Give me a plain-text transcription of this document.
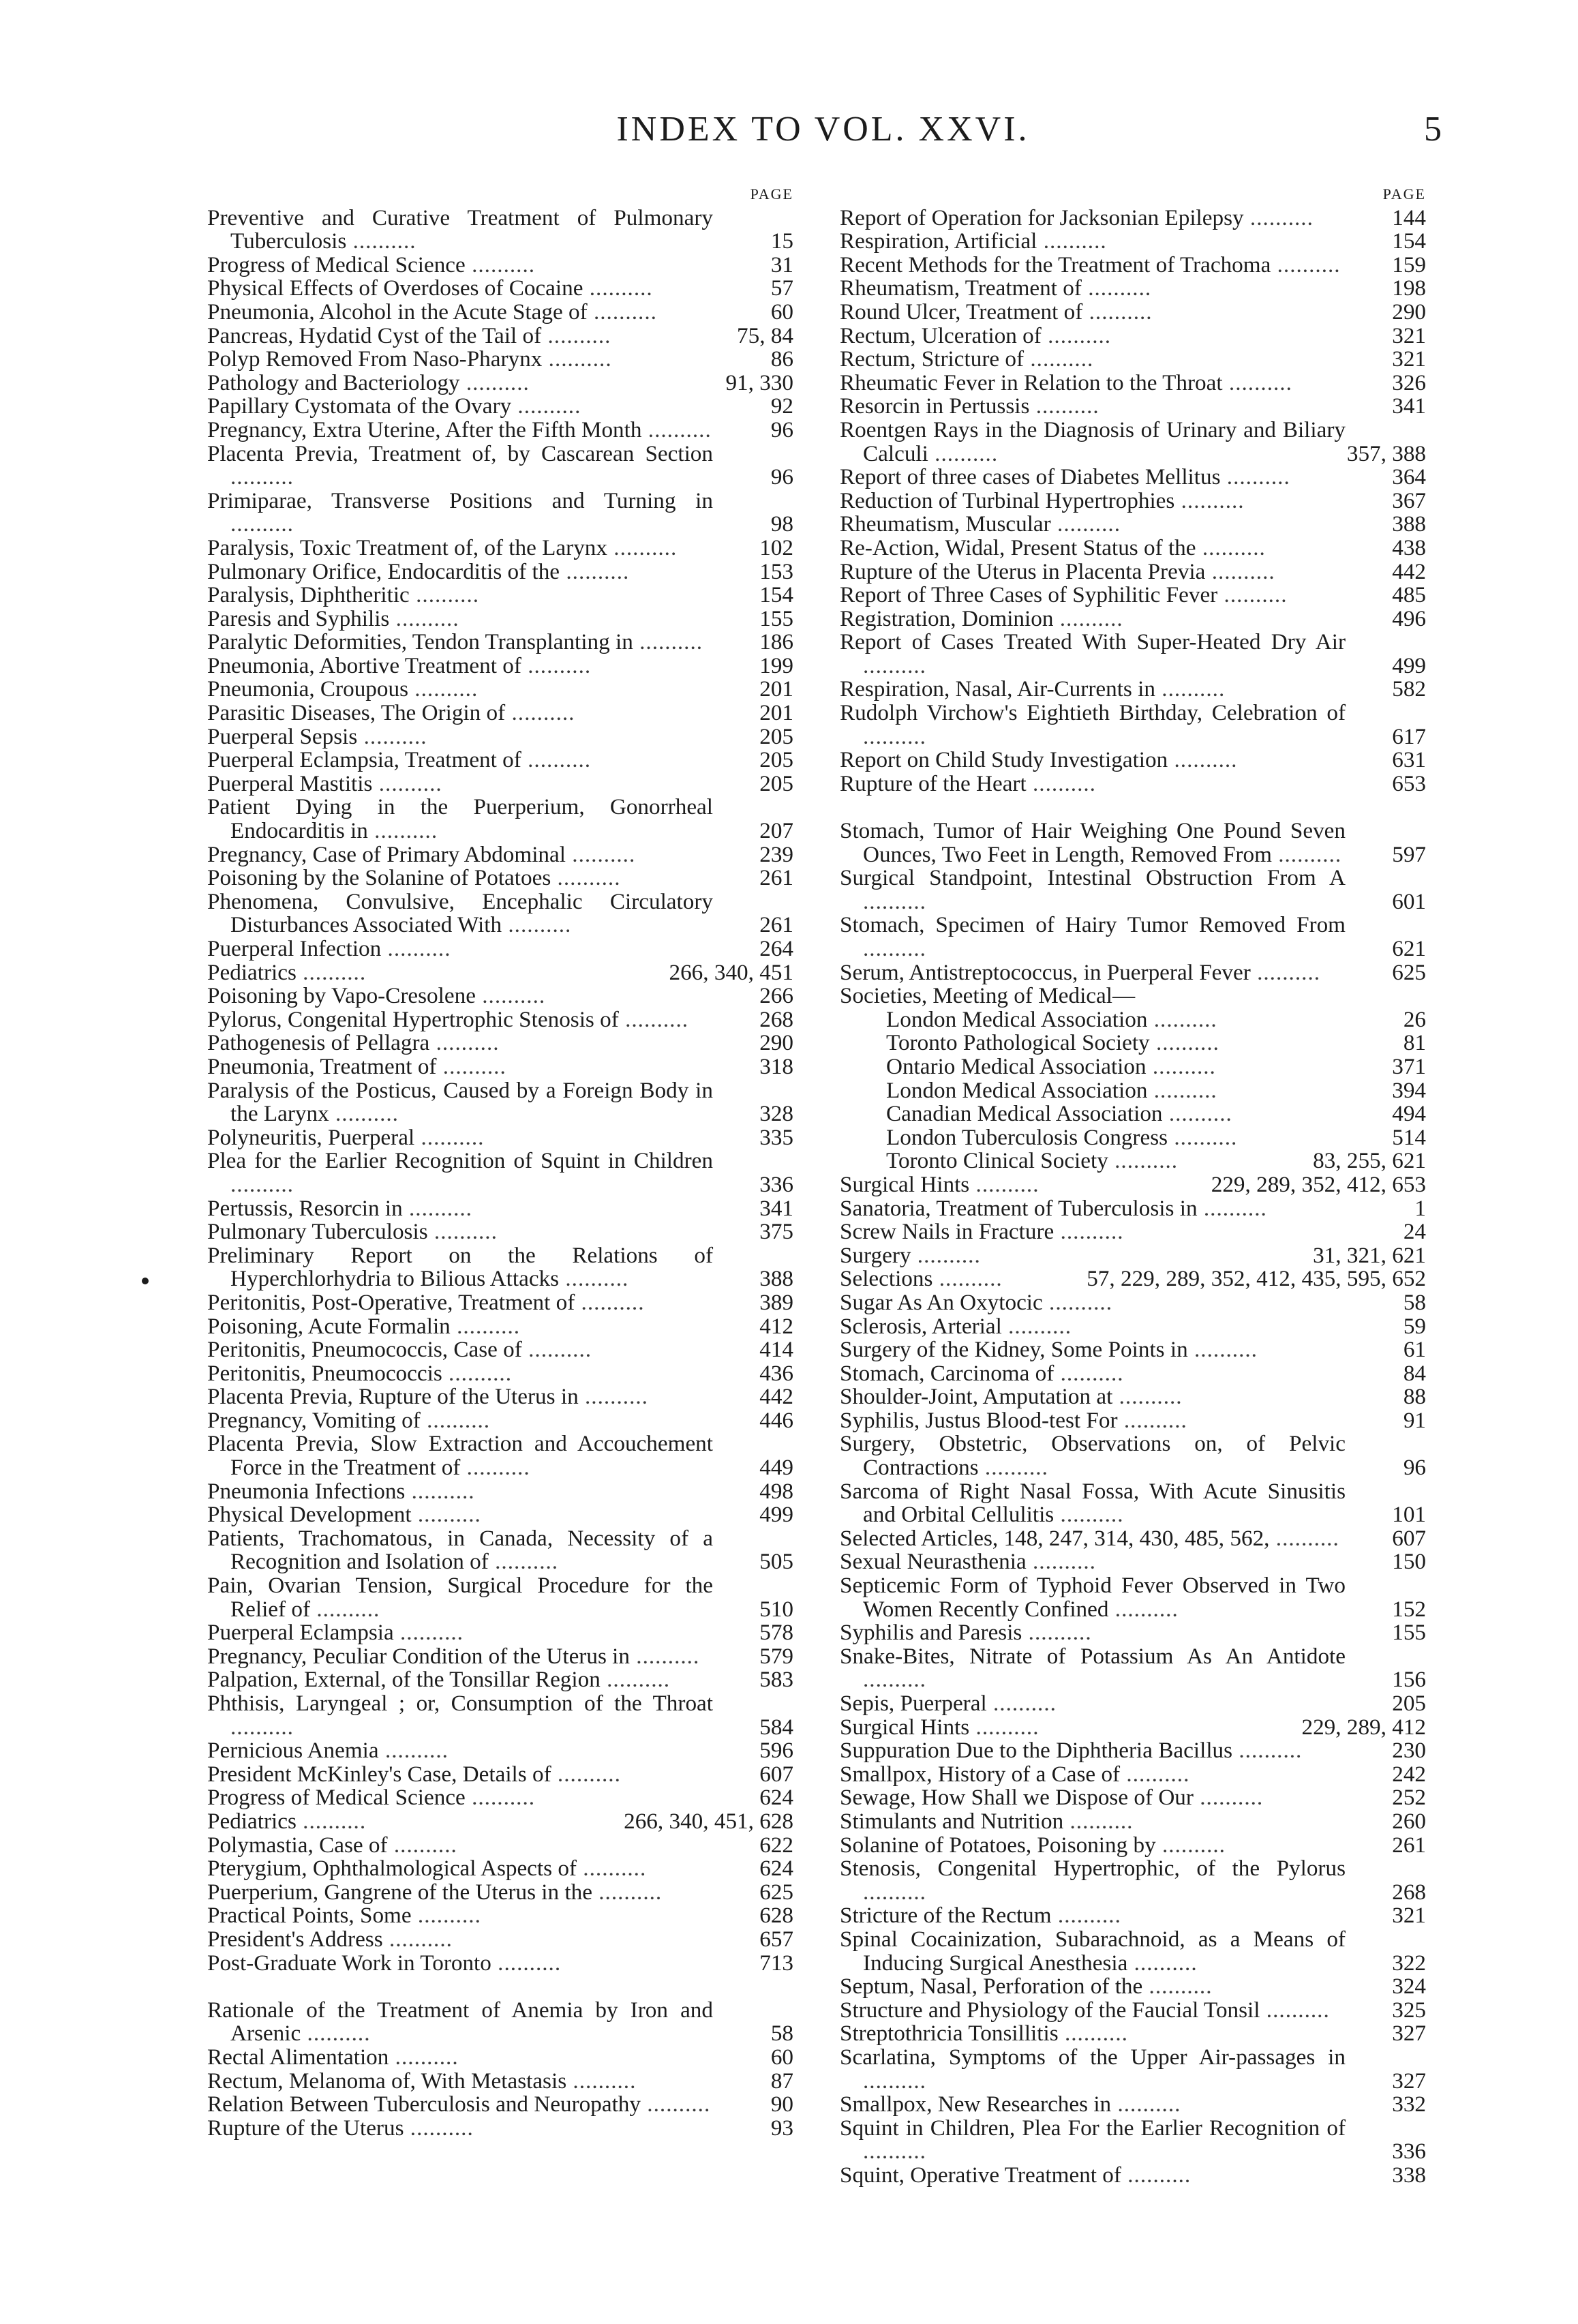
INDEX TO VOL. XXVI.	5
PAGE
Preventive and Curative Treatment of Pulmonary Tuberculosis ..........	15
Progress of Medical Science ..........	31
Physical Effects of Overdoses of Cocaine ..........	57
Pneumonia, Alcohol in the Acute Stage of ..........	60
Pancreas, Hydatid Cyst of the Tail of ..........	75, 84
Polyp Removed From Naso-Pharynx ..........	86
Pathology and Bacteriology ..........	91, 330
Papillary Cystomata of the Ovary ..........	92
Pregnancy, Extra Uterine, After the Fifth Month ..........	96
Placenta Previa, Treatment of, by Cascarean Section ..........	96
Primiparae, Transverse Positions and Turning in ..........	98
Paralysis, Toxic Treatment of, of the Larynx ..........	102
Pulmonary Orifice, Endocarditis of the ..........	153
Paralysis, Diphtheritic ..........	154
Paresis and Syphilis ..........	155
Paralytic Deformities, Tendon Transplanting in ..........	186
Pneumonia, Abortive Treatment of ..........	199
Pneumonia, Croupous ..........	201
Parasitic Diseases, The Origin of ..........	201
Puerperal Sepsis ..........	205
Puerperal Eclampsia, Treatment of ..........	205
Puerperal Mastitis ..........	205
Patient Dying in the Puerperium, Gonorrheal Endocarditis in ..........	207
Pregnancy, Case of Primary Abdominal ..........	239
Poisoning by the Solanine of Potatoes ..........	261
Phenomena, Convulsive, Encephalic Circulatory Disturbances Associated With ..........	261
Puerperal Infection ..........	264
Pediatrics ..........	266, 340, 451
Poisoning by Vapo-Cresolene ..........	266
Pylorus, Congenital Hypertrophic Stenosis of ..........	268
Pathogenesis of Pellagra ..........	290
Pneumonia, Treatment of ..........	318
Paralysis of the Posticus, Caused by a Foreign Body in the Larynx ..........	328
Polyneuritis, Puerperal ..........	335
Plea for the Earlier Recognition of Squint in Children ..........	336
Pertussis, Resorcin in ..........	341
Pulmonary Tuberculosis ..........	375
Preliminary Report on the Relations of Hyperchlorhydria to Bilious Attacks ..........	388
Peritonitis, Post-Operative, Treatment of ..........	389
Poisoning, Acute Formalin ..........	412
Peritonitis, Pneumococcis, Case of ..........	414
Peritonitis, Pneumococcis ..........	436
Placenta Previa, Rupture of the Uterus in ..........	442
Pregnancy, Vomiting of ..........	446
Placenta Previa, Slow Extraction and Accouchement Force in the Treatment of ..........	449
Pneumonia Infections ..........	498
Physical Development ..........	499
Patients, Trachomatous, in Canada, Necessity of a Recognition and Isolation of ..........	505
Pain, Ovarian Tension, Surgical Procedure for the Relief of ..........	510
Puerperal Eclampsia ..........	578
Pregnancy, Peculiar Condition of the Uterus in ..........	579
Palpation, External, of the Tonsillar Region ..........	583
Phthisis, Laryngeal ; or, Consumption of the Throat ..........	584
Pernicious Anemia ..........	596
President McKinley's Case, Details of ..........	607
Progress of Medical Science ..........	624
Pediatrics ..........	266, 340, 451, 628
Polymastia, Case of ..........	622
Pterygium, Ophthalmological Aspects of ..........	624
Puerperium, Gangrene of the Uterus in the ..........	625
Practical Points, Some ..........	628
President's Address ..........	657
Post-Graduate Work in Toronto ..........	713
Rationale of the Treatment of Anemia by Iron and Arsenic ..........	58
Rectal Alimentation ..........	60
Rectum, Melanoma of, With Metastasis ..........	87
Relation Between Tuberculosis and Neuropathy ..........	90
Rupture of the Uterus ..........	93
PAGE
Report of Operation for Jacksonian Epilepsy ..........	144
Respiration, Artificial ..........	154
Recent Methods for the Treatment of Trachoma .......... 159
Rheumatism, Treatment of ..........	198
Round Ulcer, Treatment of ..........	290
Rectum, Ulceration of ..........	321
Rectum, Stricture of ..........	321
Rheumatic Fever in Relation to the Throat ..........	326
Resorcin in Pertussis ..........	341
Roentgen Rays in the Diagnosis of Urinary and Biliary Calculi ..........	357, 388
Report of three cases of Diabetes Mellitus ..........	364
Reduction of Turbinal Hypertrophies ..........	367
Rheumatism, Muscular ..........	388
Re-Action, Widal, Present Status of the ..........	438
Rupture of the Uterus in Placenta Previa ..........	442
Report of Three Cases of Syphilitic Fever ..........	485
Registration, Dominion ..........	496
Report of Cases Treated With Super-Heated Dry Air ..........	499
Respiration, Nasal, Air-Currents in ..........	582
Rudolph Virchow's Eightieth Birthday, Celebration of ..........	617
Report on Child Study Investigation ..........	631
Rupture of the Heart ..........	653
Stomach, Tumor of Hair Weighing One Pound Seven Ounces, Two Feet in Length, Removed From .......... 597
Surgical Standpoint, Intestinal Obstruction From A ..........	601
Stomach, Specimen of Hairy Tumor Removed From ..........	621
Serum, Antistreptococcus, in Puerperal Fever ..........	625
Societies, Meeting of Medical—
London Medical Association ..........	26
Toronto Pathological Society ..........	81
Ontario Medical Association ..........	371
London Medical Association ..........	394
Canadian Medical Association ..........	494
London Tuberculosis Congress ..........	514
Toronto Clinical Society ..........	83, 255, 621
Surgical Hints ..........	229, 289, 352, 412, 653
Sanatoria, Treatment of Tuberculosis in ..........	1
Screw Nails in Fracture ..........	24
Surgery ..........	31, 321, 621
Selections ..........	57, 229, 289, 352, 412, 435, 595, 652
Sugar As An Oxytocic ..........	58
Sclerosis, Arterial ..........	59
Surgery of the Kidney, Some Points in ..........	61
Stomach, Carcinoma of ..........	84
Shoulder-Joint, Amputation at ..........	88
Syphilis, Justus Blood-test For ..........	91
Surgery, Obstetric, Observations on, of Pelvic Contractions ..........	96
Sarcoma of Right Nasal Fossa, With Acute Sinusitis and Orbital Cellulitis ..........	101
Selected Articles, 148, 247, 314, 430, 485, 562, .......... 607
Sexual Neurasthenia ..........	150
Septicemic Form of Typhoid Fever Observed in Two Women Recently Confined ..........	152
Syphilis and Paresis ..........	155
Snake-Bites, Nitrate of Potassium As An Antidote ..........	156
Sepis, Puerperal ..........	205
Surgical Hints ..........	229, 289, 412
Suppuration Due to the Diphtheria Bacillus ..........	230
Smallpox, History of a Case of ..........	242
Sewage, How Shall we Dispose of Our ..........	252
Stimulants and Nutrition ..........	260
Solanine of Potatoes, Poisoning by ..........	261
Stenosis, Congenital Hypertrophic, of the Pylorus ..........	268
Stricture of the Rectum ..........	321
Spinal Cocainization, Subarachnoid, as a Means of Inducing Surgical Anesthesia ..........	322
Septum, Nasal, Perforation of the ..........	324
Structure and Physiology of the Faucial Tonsil ..........	325
Streptothricia Tonsillitis ..........	327
Scarlatina, Symptoms of the Upper Air-passages in ..........	327
Smallpox, New Researches in ..........	332
Squint in Children, Plea For the Earlier Recognition of ..........	336
Squint, Operative Treatment of ..........	338
